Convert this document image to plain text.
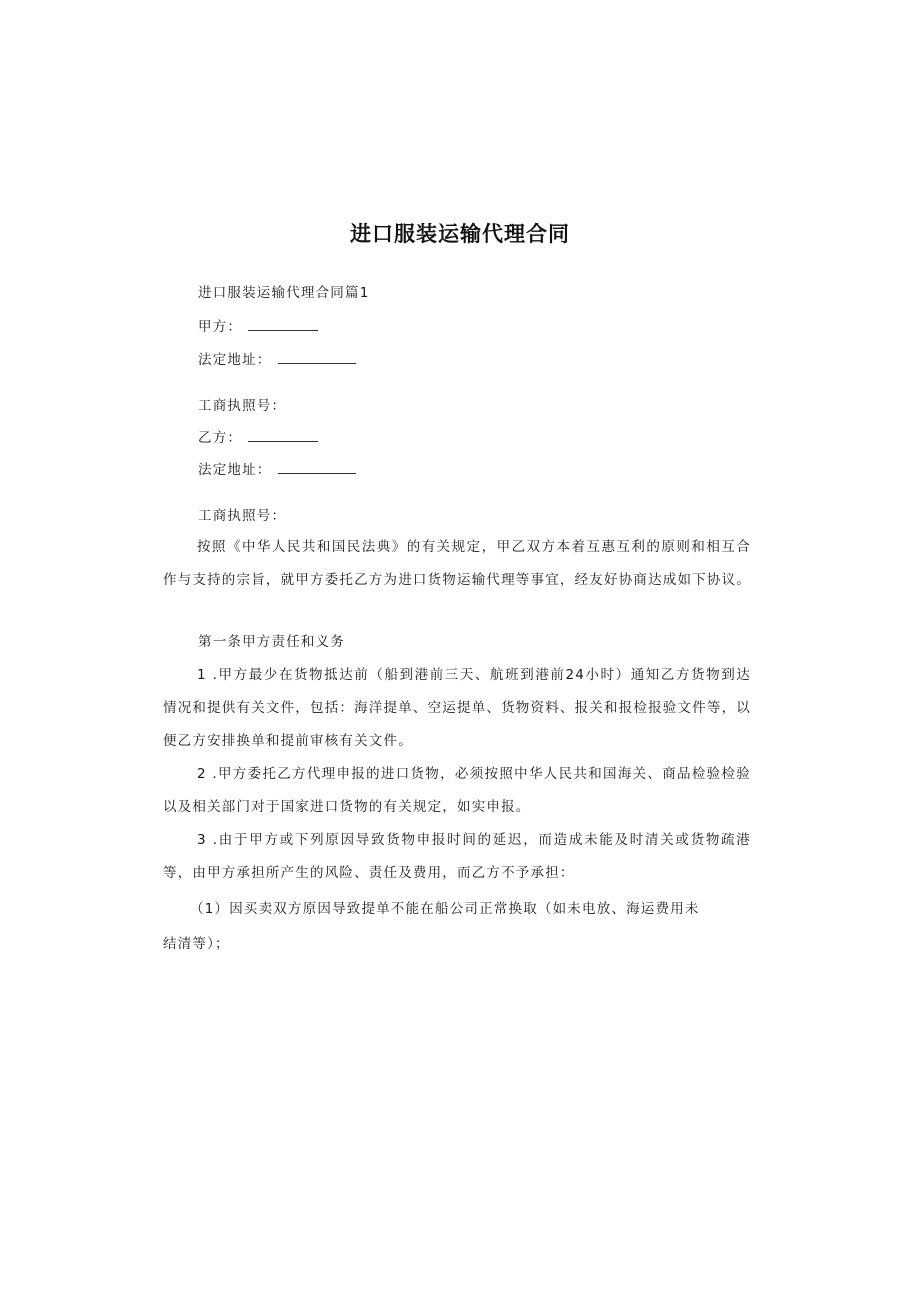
进口服装运输代理合同
进口服装运输代理合同篇1
甲方：
法定地址：
工商执照号：
乙方：
法定地址：
工商执照号：
按照《中华人民共和国民法典》的有关规定，甲乙双方本着互惠互利的原则和相互合作与支持的宗旨，就甲方委托乙方为进口货物运输代理等事宜，经友好协商达成如下协议。
第一条甲方责任和义务
1 .甲方最少在货物抵达前（船到港前三天、航班到港前24小时）通知乙方货物到达情况和提供有关文件，包括：海洋提单、空运提单、货物资料、报关和报检报验文件等，以便乙方安排换单和提前审核有关文件。
2 .甲方委托乙方代理申报的进口货物，必须按照中华人民共和国海关、商品检验检验以及相关部门对于国家进口货物的有关规定，如实申报。
3 .由于甲方或下列原因导致货物申报时间的延迟，而造成未能及时清关或货物疏港等，由甲方承担所产生的风险、责任及费用，而乙方不予承担：
（1）因买卖双方原因导致提单不能在船公司正常换取（如未电放、海运费用未
结清等）；
